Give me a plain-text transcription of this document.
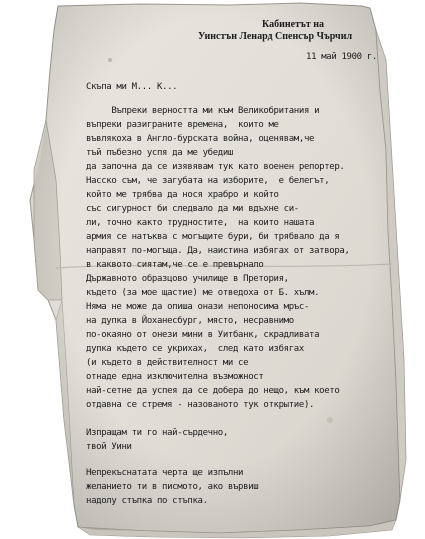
Кабинетът на
Уинстън Ленард Спенсър Чърчил
11 май 1900 г.
Скъпа ми М... К...
Въпреки верността ми към Великобритания и
въпреки разиграните времена,  които ме
въвлякоха в Англо-бурската война, оценявам,че
тъй пъбезно успя да ме убедиш
да започна да се изявявам тук като военен репортер.
Насско съм, че загубата на изборите,  е белегът,
който ме трябва да нося храбро и който
със сигурност би следвало да ми вдъхне си-
ли, точно както трудностите,  на които нашата
армия се натъква с могъщите бури, би трябвало да я
направят по-могъща. Да, наистина избягах от затвора,
в каквото сиятам,че се е превърнало
Държавното образцово училище в Претория,
където (за мое щастие) ме отведоха от Б. хълм.
Няма не може да опиша онази непоносима мръс-
на дупка в Йоханесбург, място, несравнимо
по-окаяно от онези мини в Уитбанк, скрадливата
дупка където се укрихах,  след като избягах
(и където в действителност ми се
отнаде една изключителна възможност
най-сетне да успея да се добера до нещо, към което
отдавна се стремя - назованото тук открытие).
Изпращам ти го най-сърдечно,
твой Уини
Непрекъснатата черта ще изпълни
желанието ти в писмото, ако вървиш
надолу стъпка по стъпка.
